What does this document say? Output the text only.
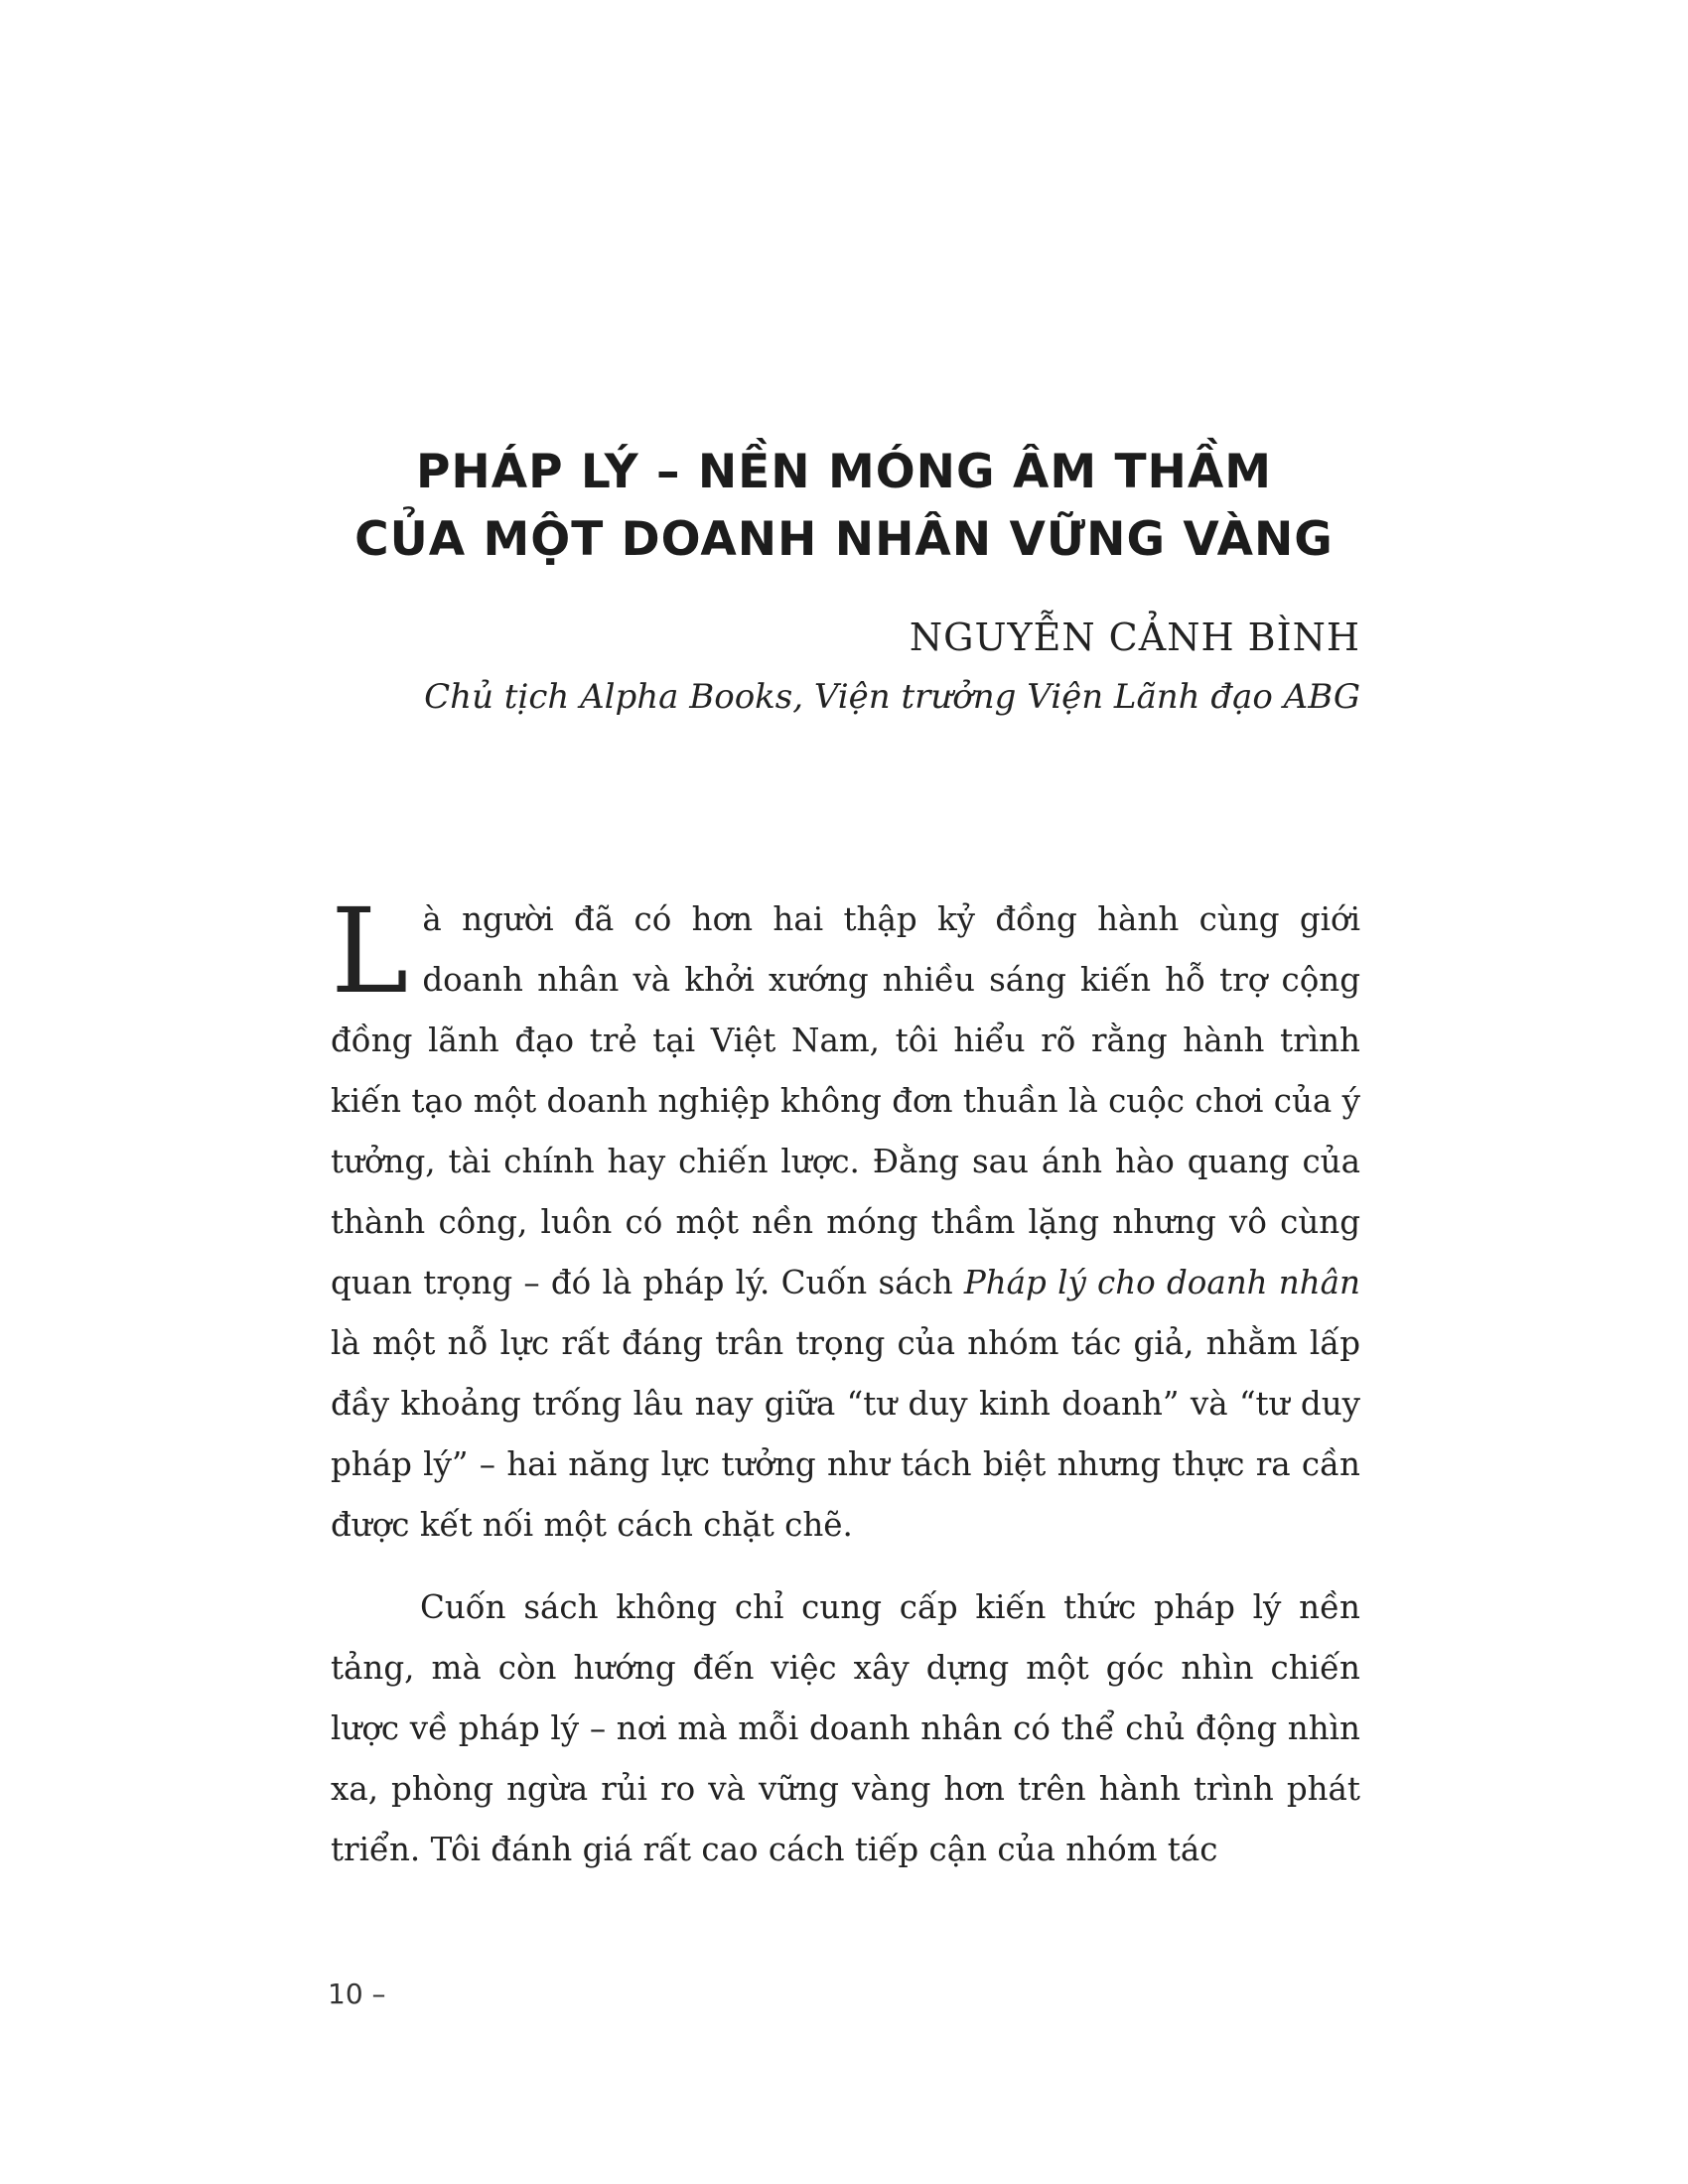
PHÁP LÝ – NỀN MÓNG ÂM THẦM
CỦA MỘT DOANH NHÂN VỮNG VÀNG
NGUYỄN CẢNH BÌNH
Chủ tịch Alpha Books, Viện trưởng Viện Lãnh đạo ABG

Là người đã có hơn hai thập kỷ đồng hành cùng giới doanh nhân và khởi xướng nhiều sáng kiến hỗ trợ cộng đồng lãnh đạo trẻ tại Việt Nam, tôi hiểu rõ rằng hành trình kiến tạo một doanh nghiệp không đơn thuần là cuộc chơi của ý tưởng, tài chính hay chiến lược. Đằng sau ánh hào quang của thành công, luôn có một nền móng thầm lặng nhưng vô cùng quan trọng – đó là pháp lý. Cuốn sách Pháp lý cho doanh nhân là một nỗ lực rất đáng trân trọng của nhóm tác giả, nhằm lấp đầy khoảng trống lâu nay giữa “tư duy kinh doanh” và “tư duy pháp lý” – hai năng lực tưởng như tách biệt nhưng thực ra cần được kết nối một cách chặt chẽ.

Cuốn sách không chỉ cung cấp kiến thức pháp lý nền tảng, mà còn hướng đến việc xây dựng một góc nhìn chiến lược về pháp lý – nơi mà mỗi doanh nhân có thể chủ động nhìn xa, phòng ngừa rủi ro và vững vàng hơn trên hành trình phát triển. Tôi đánh giá rất cao cách tiếp cận của nhóm tác

10 –
